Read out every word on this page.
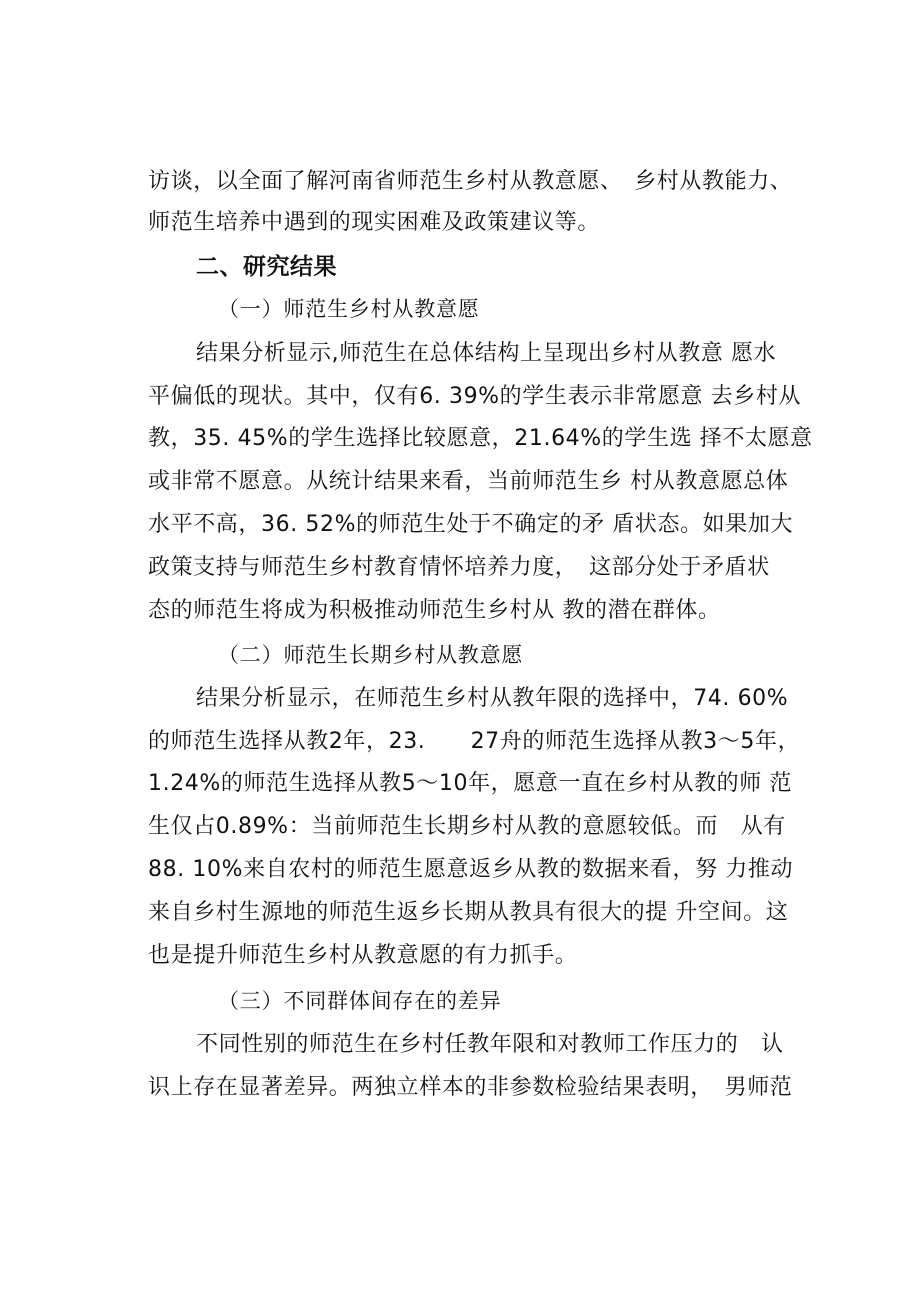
访谈，以全面了解河南省师范生乡村从教意愿、　乡村从教能力、
师范生培养中遇到的现实困难及政策建议等。
二、研究结果
（一）师范生乡村从教意愿
结果分析显示,师范生在总体结构上呈现出乡村从教意 愿水
平偏低的现状。其中，仅有6. 39%的学生表示非常愿意 去乡村从
教，35. 45%的学生选择比较愿意，21.64%的学生选 择不太愿意
或非常不愿意。从统计结果来看，当前师范生乡 村从教意愿总体
水平不高，36. 52%的师范生处于不确定的矛 盾状态。如果加大
政策支持与师范生乡村教育情怀培养力度，　这部分处于矛盾状
态的师范生将成为积极推动师范生乡村从 教的潜在群体。
（二）师范生长期乡村从教意愿
结果分析显示，在师范生乡村从教年限的选择中，74. 60%
的师范生选择从教2年，23.　　27舟的师范生选择从教3～5年，
1.24%的师范生选择从教5～10年，愿意一直在乡村从教的师 范
生仅占0.89%：当前师范生长期乡村从教的意愿较低。而　从有
88. 10%来自农村的师范生愿意返乡从教的数据来看，努 力推动
来自乡村生源地的师范生返乡长期从教具有很大的提 升空间。这
也是提升师范生乡村从教意愿的有力抓手。
（三）不同群体间存在的差异
不同性别的师范生在乡村任教年限和对教师工作压力的　认
识上存在显著差异。两独立样本的非参数检验结果表明，　男师范
